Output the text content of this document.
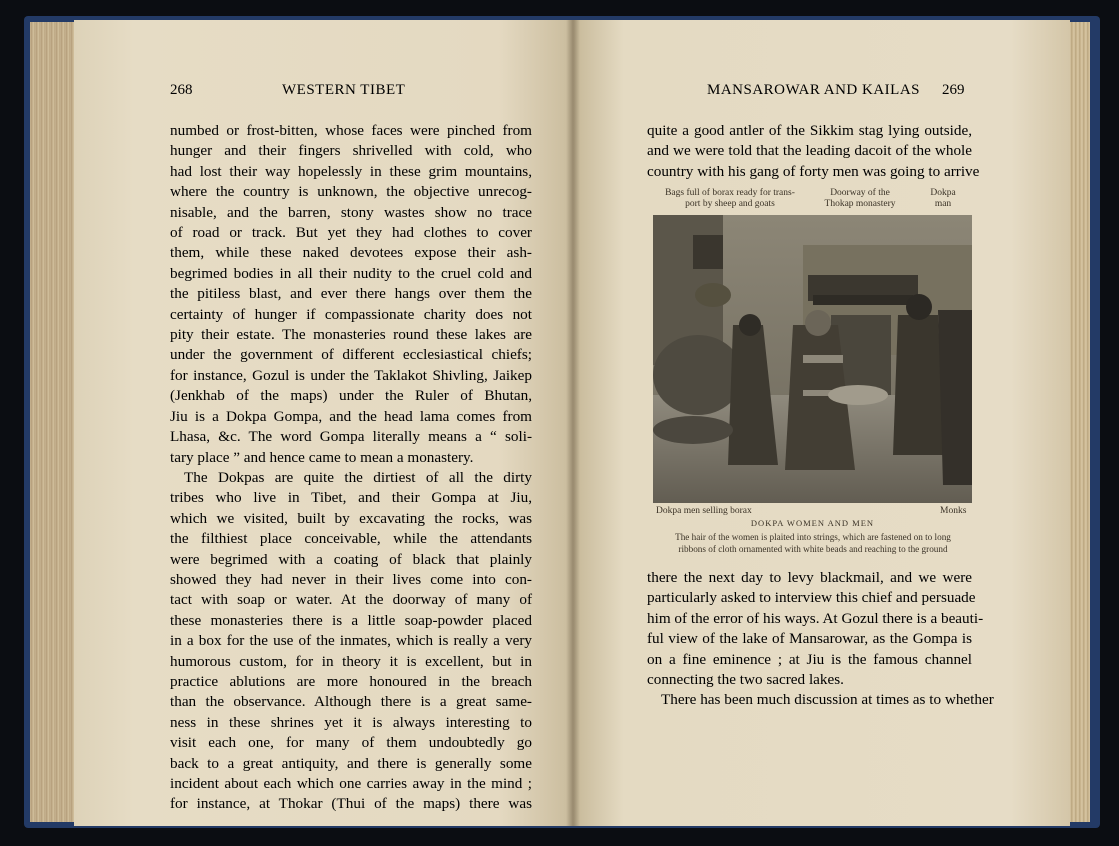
268	WESTERN TIBET
numbed or frost-bitten, whose faces were pinched from
hunger and their fingers shrivelled with cold, who
had lost their way hopelessly in these grim mountains,
where the country is unknown, the objective unrecog-
nisable, and the barren, stony wastes show no trace
of road or track. But yet they had clothes to cover
them, while these naked devotees expose their ash-
begrimed bodies in all their nudity to the cruel cold and
the pitiless blast, and ever there hangs over them the
certainty of hunger if compassionate charity does not
pity their estate. The monasteries round these lakes are
under the government of different ecclesiastical chiefs;
for instance, Gozul is under the Taklakot Shivling, Jaikep
(Jenkhab of the maps) under the Ruler of Bhutan,
Jiu is a Dokpa Gompa, and the head lama comes from
Lhasa, &c. The word Gompa literally means a “ soli-
tary place ” and hence came to mean a monastery.
The Dokpas are quite the dirtiest of all the dirty
tribes who live in Tibet, and their Gompa at Jiu,
which we visited, built by excavating the rocks, was
the filthiest place conceivable, while the attendants
were begrimed with a coating of black that plainly
showed they had never in their lives come into con-
tact with soap or water. At the doorway of many of
these monasteries there is a little soap-powder placed
in a box for the use of the inmates, which is really a very
humorous custom, for in theory it is excellent, but in
practice ablutions are more honoured in the breach
than the observance. Although there is a great same-
ness in these shrines yet it is always interesting to
visit each one, for many of them undoubtedly go
back to a great antiquity, and there is generally some
incident about each which one carries away in the mind ;
for instance, at Thokar (Thui of the maps) there was
MANSAROWAR AND KAILAS 269
quite a good antler of the Sikkim stag lying outside,
and we were told that the leading dacoit of the whole
country with his gang of forty men was going to arrive
Bags full of borax ready for trans-
port by sheep and goats
Doorway of the
Thokap monastery
Dokpa
man
Dokpa men selling borax	Monks
DOKPA WOMEN AND MEN
The hair of the women is plaited into strings, which are fastened on to long
ribbons of cloth ornamented with white beads and reaching to the ground
there the next day to levy blackmail, and we were
particularly asked to interview this chief and persuade
him of the error of his ways. At Gozul there is a beauti-
ful view of the lake of Mansarowar, as the Gompa is
on a fine eminence ; at Jiu is the famous channel
connecting the two sacred lakes.
There has been much discussion at times as to whether
